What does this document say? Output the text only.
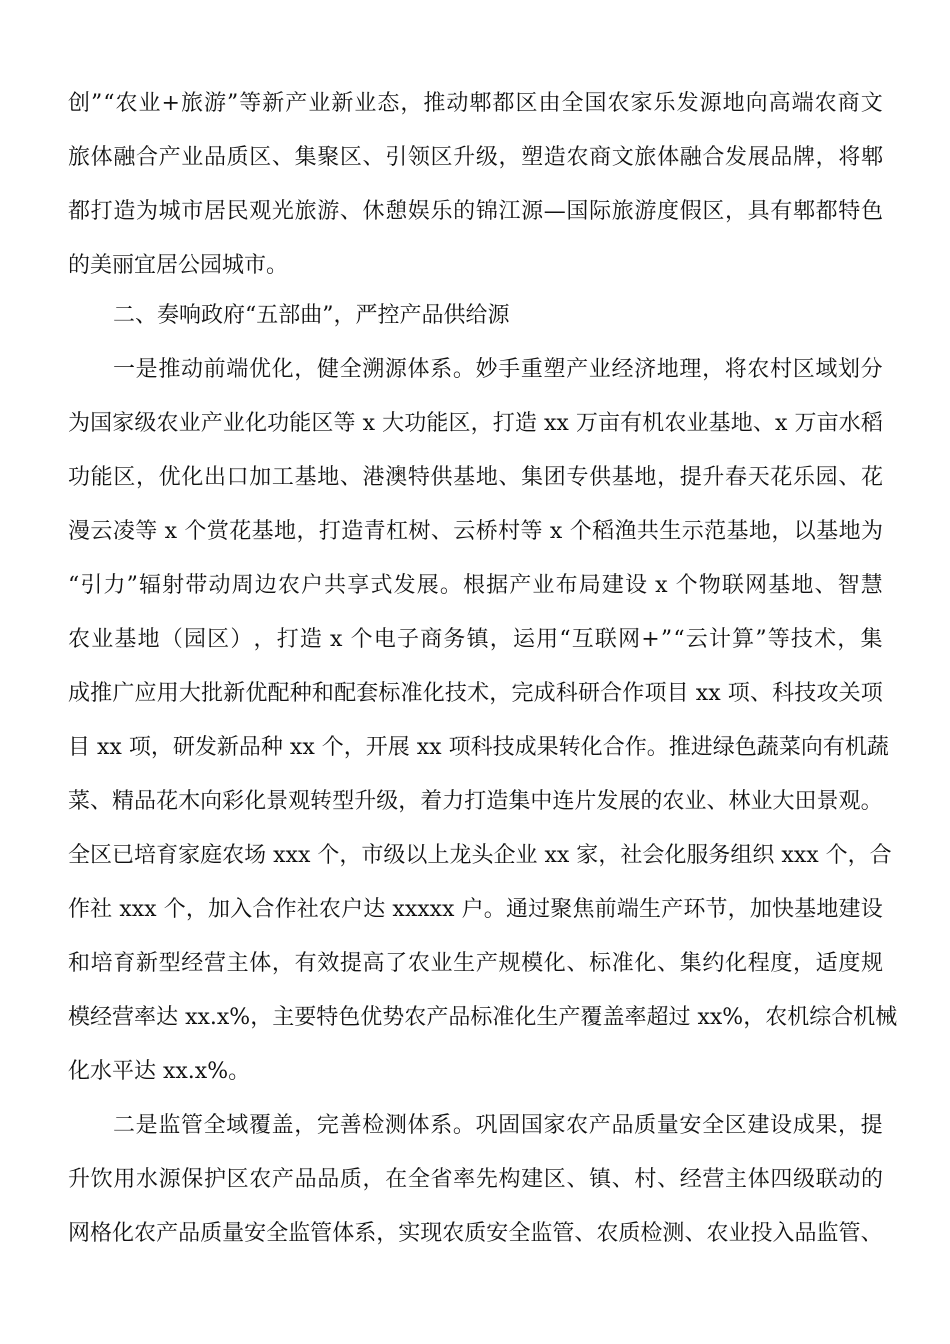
创 ” “ 农 业 + 旅 游 ” 等 新 产 业 新 业 态 ， 推 动 郫 都 区 由 全 国 农 家 乐 发 源 地 向 高 端 农 商 文
旅 体 融 合 产 业 品 质 区 、 集 聚 区 、 引 领 区 升 级 ， 塑 造 农 商 文 旅 体 融 合 发 展 品 牌 ， 将 郫
都 打 造 为 城 市 居 民 观 光 旅 游 、 休 憩 娱 乐 的 锦 江 源 — 国 际 旅 游 度 假 区 ， 具 有 郫 都 特 色
的美丽宜居公园城市。
二、奏响政府“五部曲”，严控产品供给源
一 是 推 动 前 端 优 化 ， 健 全 溯 源 体 系 。 妙 手 重 塑 产 业 经 济 地 理 ， 将 农 村 区 域 划 分
为 国 家 级 农 业 产 业 化 功 能 区 等 x 大 功 能 区 ， 打 造 xx 万 亩 有 机 农 业 基 地 、 x 万 亩 水 稻
功 能 区 ， 优 化 出 口 加 工 基 地 、 港 澳 特 供 基 地 、 集 团 专 供 基 地 ， 提 升 春 天 花 乐 园 、 花
漫 云 凌 等 x 个 赏 花 基 地 ， 打 造 青 杠 树 、 云 桥 村 等 x 个 稻 渔 共 生 示 范 基 地 ， 以 基 地 为
“ 引 力 ” 辐 射 带 动 周 边 农 户 共 享 式 发 展 。 根 据 产 业 布 局 建 设 x 个 物 联 网 基 地 、 智 慧
农 业 基 地 （ 园 区 ） ， 打 造 x 个 电 子 商 务 镇 ， 运 用 “ 互 联 网 + ” “ 云 计 算 ” 等 技 术 ， 集
成 推 广 应 用 大 批 新 优 配 种 和 配 套 标 准 化 技 术 ， 完 成 科 研 合 作 项 目 xx 项 、 科 技 攻 关 项
目 xx 项 ， 研 发 新 品 种 xx 个 ， 开 展 xx 项 科 技 成 果 转 化 合 作 。 推 进 绿 色 蔬 菜 向 有 机 蔬
菜 、 精 品 花 木 向 彩 化 景 观 转 型 升 级 ， 着 力 打 造 集 中 连 片 发 展 的 农 业 、 林 业 大 田 景 观 。
全 区 已 培 育 家 庭 农 场 xxx 个 ， 市 级 以 上 龙 头 企 业 xx 家 ， 社 会 化 服 务 组 织 xxx 个 ， 合
作 社 xxx 个 ， 加 入 合 作 社 农 户 达 xxxxx 户 。 通 过 聚 焦 前 端 生 产 环 节 ， 加 快 基 地 建 设
和 培 育 新 型 经 营 主 体 ， 有 效 提 高 了 农 业 生 产 规 模 化 、 标 准 化 、 集 约 化 程 度 ， 适 度 规
模 经 营 率 达 xx.x% ， 主 要 特 色 优 势 农 产 品 标 准 化 生 产 覆 盖 率 超 过 xx% ， 农 机 综 合 机 械
化水平达 xx.x%。
二 是 监 管 全 域 覆 盖 ， 完 善 检 测 体 系 。 巩 固 国 家 农 产 品 质 量 安 全 区 建 设 成 果 ， 提
升 饮 用 水 源 保 护 区 农 产 品 品 质 ， 在 全 省 率 先 构 建 区 、 镇 、 村 、 经 营 主 体 四 级 联 动 的
网 格 化 农 产 品 质 量 安 全 监 管 体 系 ， 实 现 农 质 安 全 监 管 、 农 质 检 测 、 农 业 投 入 品 监 管 、
